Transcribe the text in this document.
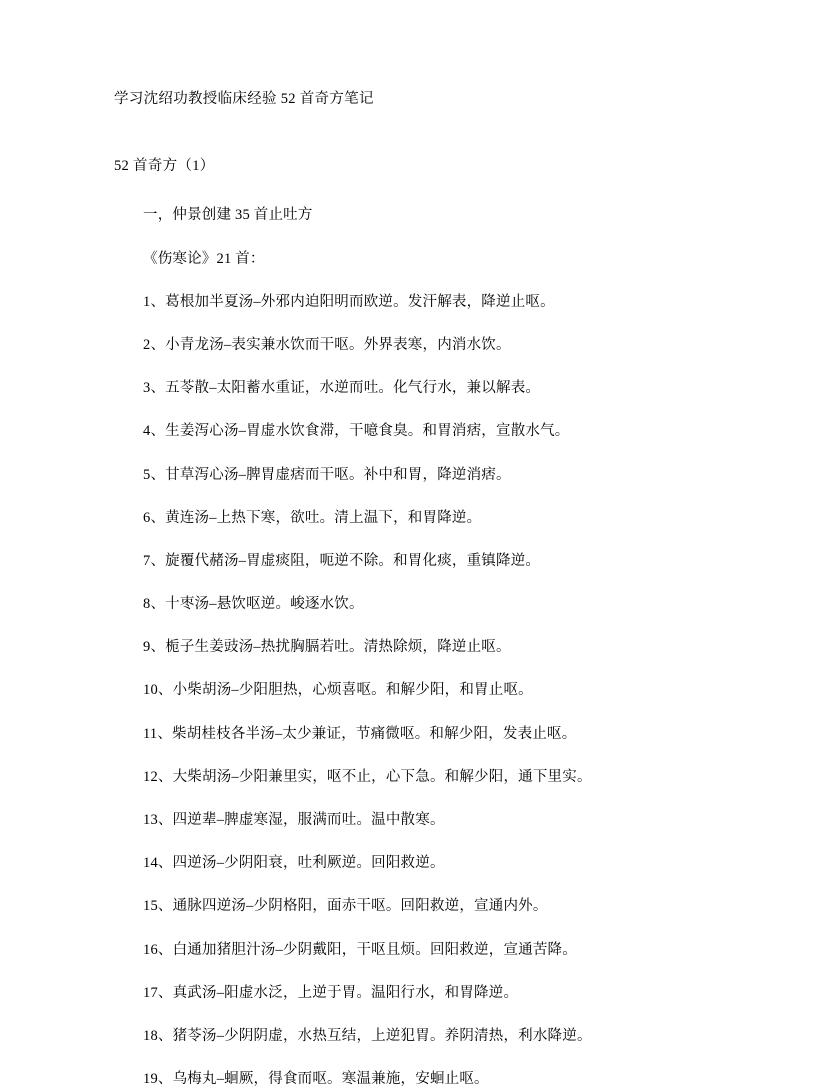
学习沈绍功教授临床经验 52 首奇方笔记

52 首奇方（1）

一，仲景创建 35 首止吐方

《伤寒论》21 首：

1、葛根加半夏汤–外邪内迫阳明而欧逆。发汗解表，降逆止呕。
2、小青龙汤–表实兼水饮而干呕。外界表寒，内消水饮。
3、五苓散–太阳蓄水重证，水逆而吐。化气行水，兼以解表。
4、生姜泻心汤–胃虚水饮食滞，干噫食臭。和胃消痞，宣散水气。
5、甘草泻心汤–脾胃虚痞而干呕。补中和胃，降逆消痞。
6、黄连汤–上热下寒，欲吐。清上温下，和胃降逆。
7、旋覆代赭汤–胃虚痰阻，呃逆不除。和胃化痰，重镇降逆。
8、十枣汤–悬饮呕逆。峻逐水饮。
9、栀子生姜豉汤–热扰胸膈若吐。清热除烦，降逆止呕。
10、小柴胡汤–少阳胆热，心烦喜呕。和解少阳，和胃止呕。
11、柴胡桂枝各半汤–太少兼证，节痛微呕。和解少阳，发表止呕。
12、大柴胡汤–少阳兼里实，呕不止，心下急。和解少阳，通下里实。
13、四逆辈–脾虚寒湿，服满而吐。温中散寒。
14、四逆汤–少阴阳衰，吐利厥逆。回阳救逆。
15、通脉四逆汤–少阴格阳，面赤干呕。回阳救逆，宣通内外。
16、白通加猪胆汁汤–少阴戴阳，干呕且烦。回阳救逆，宣通苦降。
17、真武汤–阳虚水泛，上逆于胃。温阳行水，和胃降逆。
18、猪苓汤–少阴阴虚，水热互结，上逆犯胃。养阴清热，利水降逆。
19、乌梅丸–蛔厥，得食而呕。寒温兼施，安蛔止呕。
